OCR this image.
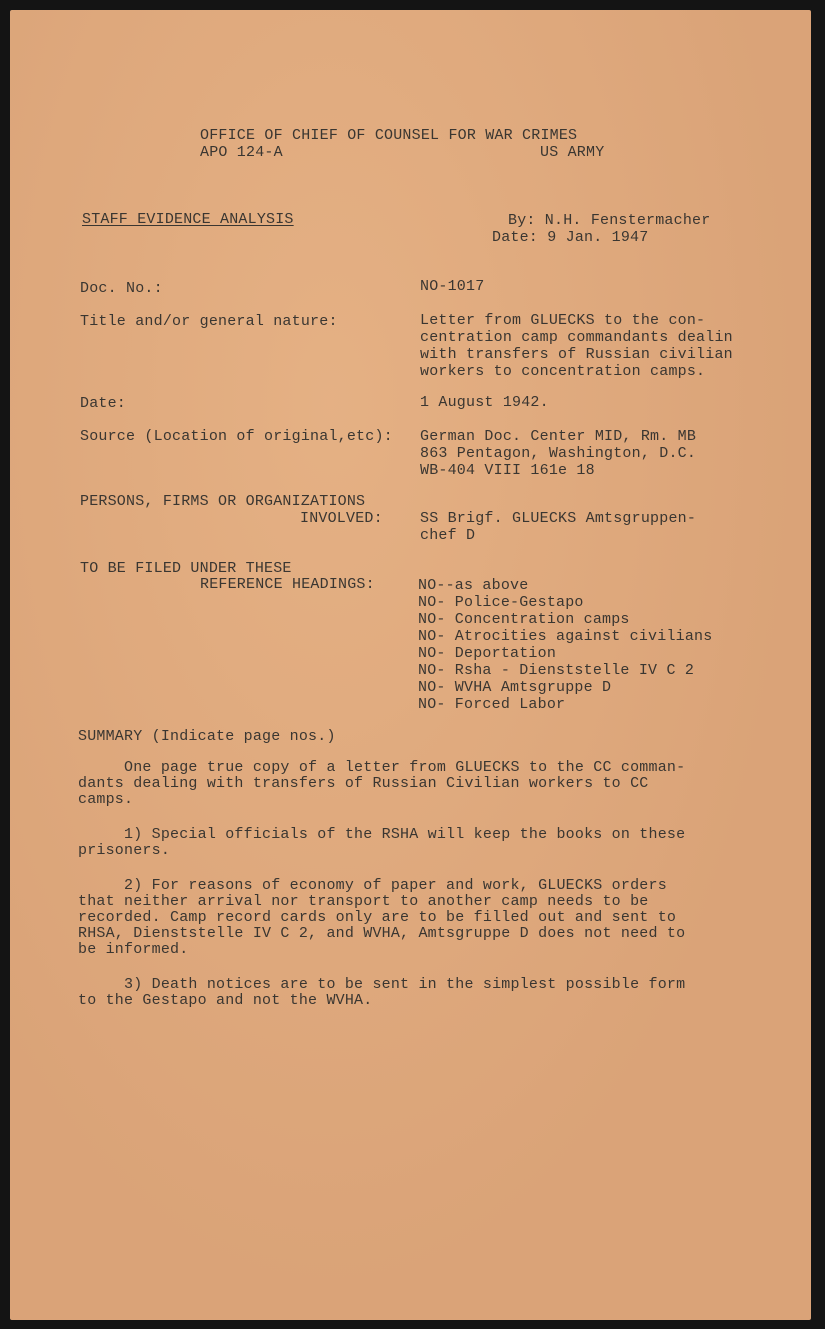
OFFICE OF CHIEF OF COUNSEL FOR WAR CRIMES
APO 124-A	US ARMY
STAFF EVIDENCE ANALYSIS	By: N.H. Fenstermacher
Date: 9 Jan. 1947
Doc. No.:	NO-1017
Title and/or general nature:	Letter from GLUECKS to the con-
centration camp commandants dealin
with transfers of Russian civilian
workers to concentration camps.
Date:	1 August 1942.
Source (Location of original,etc): German Doc. Center MID, Rm. MB
863 Pentagon, Washington, D.C.
WB-404 VIII 161e 18
PERSONS, FIRMS OR ORGANIZATIONS
INVOLVED: SS Brigf. GLUECKS Amtsgruppen-
chef D
TO BE FILED UNDER THESE
REFERENCE HEADINGS:	NO--as above
NO- Police-Gestapo
NO- Concentration camps
NO- Atrocities against civilians
NO- Deportation
NO- Rsha - Dienststelle IV C 2
NO- WVHA Amtsgruppe D
NO- Forced Labor
SUMMARY (Indicate page nos.)
One page true copy of a letter from GLUECKS to the CC comman-
dants dealing with transfers of Russian Civilian workers to CC
camps.
1) Special officials of the RSHA will keep the books on these
prisoners.
2) For reasons of economy of paper and work, GLUECKS orders
that neither arrival nor transport to another camp needs to be
recorded. Camp record cards only are to be filled out and sent to
RHSA, Dienststelle IV C 2, and WVHA, Amtsgruppe D does not need to
be informed.
3) Death notices are to be sent in the simplest possible form
to the Gestapo and not the WVHA.
